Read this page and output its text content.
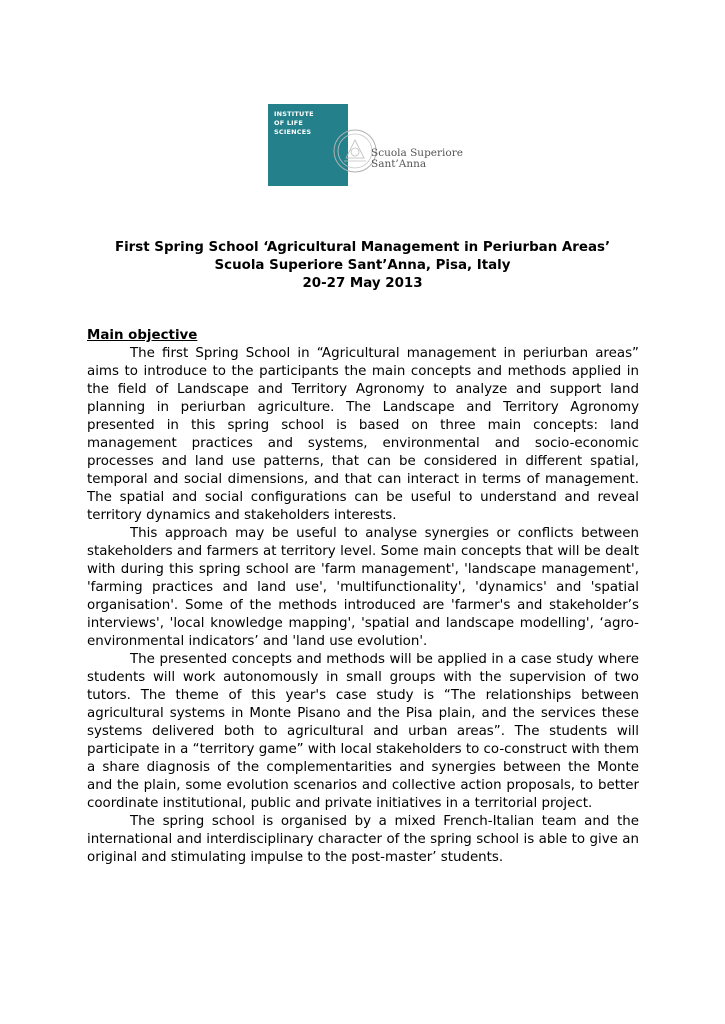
INSTITUTE
OF LIFE
SCIENCES
Scuola Superiore
Sant’Anna
First Spring School ‘Agricultural Management in Periurban Areas’
Scuola Superiore Sant’Anna, Pisa, Italy
20-27 May 2013
Main objective

The first Spring School in “Agricultural management in periurban areas” aims to introduce to the participants the main concepts and methods applied in the field of Landscape and Territory Agronomy to analyze and support land planning in periurban agriculture. The Landscape and Territory Agronomy presented in this spring school is based on three main concepts: land management practices and systems, environmental and socio-economic processes and land use patterns, that can be considered in different spatial, temporal and social dimensions, and that can interact in terms of management. The spatial and social configurations can be useful to understand and reveal territory dynamics and stakeholders interests.

This approach may be useful to analyse synergies or conflicts between stakeholders and farmers at territory level. Some main concepts that will be dealt with during this spring school are 'farm management', 'landscape management', 'farming practices and land use', 'multifunctionality', 'dynamics' and 'spatial organisation'. Some of the methods introduced are 'farmer's and stakeholder’s interviews', 'local knowledge mapping', 'spatial and landscape modelling', ‘agro-environmental indicators’ and 'land use evolution'.

The presented concepts and methods will be applied in a case study where students will work autonomously in small groups with the supervision of two tutors. The theme of this year's case study is “The relationships between agricultural systems in Monte Pisano and the Pisa plain, and the services these systems delivered both to agricultural and urban areas”. The students will participate in a “territory game” with local stakeholders to co-construct with them a share diagnosis of the complementarities and synergies between the Monte and the plain, some evolution scenarios and collective action proposals, to better coordinate institutional, public and private initiatives in a territorial project.

The spring school is organised by a mixed French-Italian team and the international and interdisciplinary character of the spring school is able to give an original and stimulating impulse to the post-master’ students.
